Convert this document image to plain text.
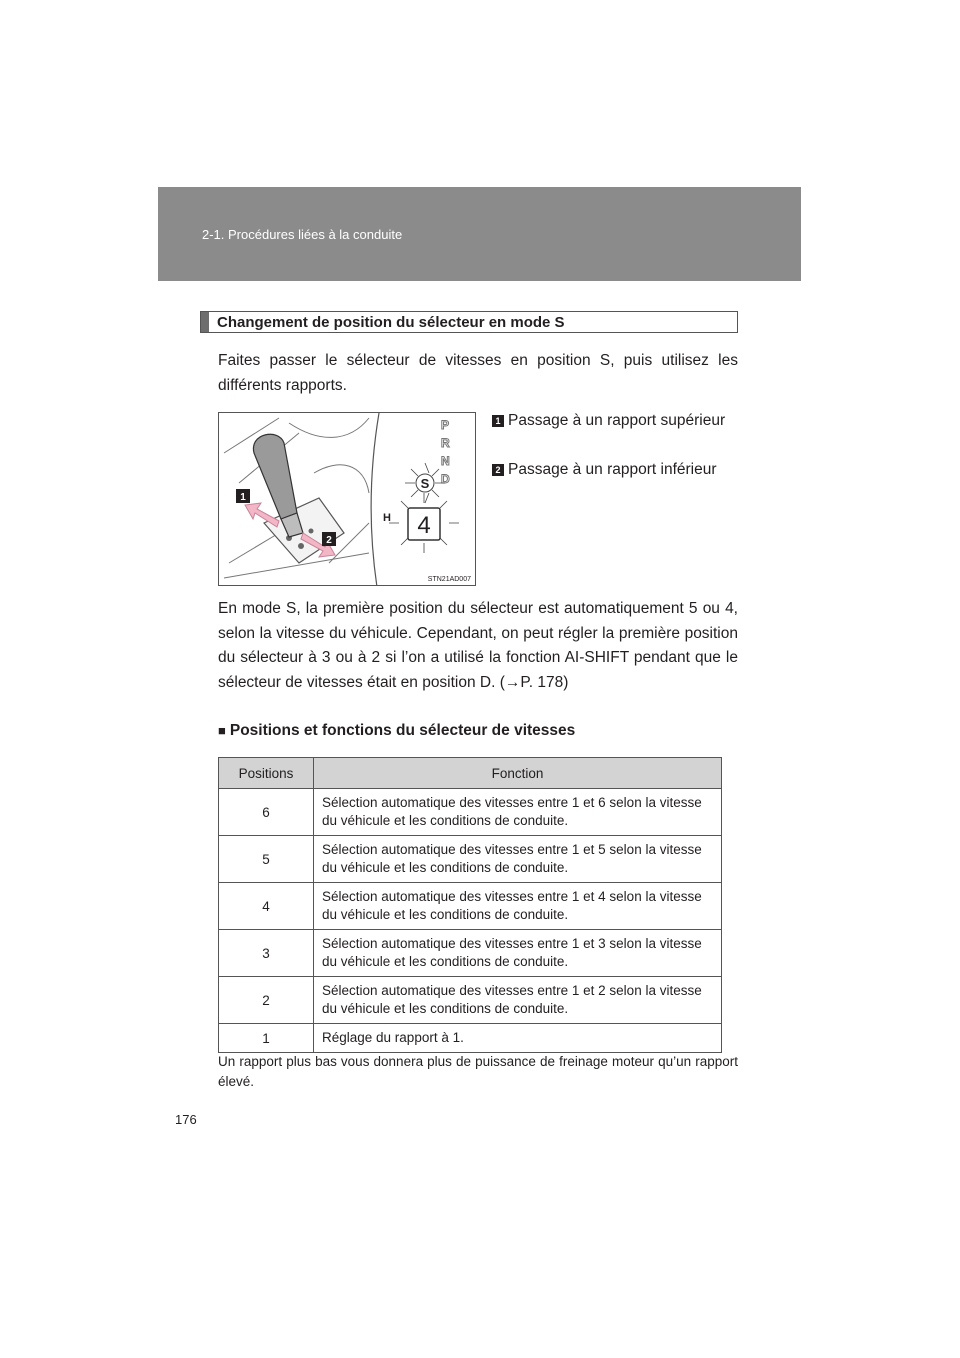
2-1. Procédures liées à la conduite
Changement de position du sélecteur en mode S
Faites passer le sélecteur de vitesses en position S, puis utilisez les différents rapports.
1
2
P
R
N
D
S
4
H
STN21AD007
1 Passage à un rapport supérieur
2 Passage à un rapport inférieur
En mode S, la première position du sélecteur est automatiquement 5 ou 4, selon la vitesse du véhicule. Cependant, on peut régler la première position du sélecteur à 3 ou à 2 si l’on a utilisé la fonction AI-SHIFT pendant que le sélecteur de vitesses était en position D. (→P. 178)
■ Positions et fonctions du sélecteur de vitesses
Positions	Fonction
6	Sélection automatique des vitesses entre 1 et 6 selon la vitesse du véhicule et les conditions de conduite.
5	Sélection automatique des vitesses entre 1 et 5 selon la vitesse du véhicule et les conditions de conduite.
4	Sélection automatique des vitesses entre 1 et 4 selon la vitesse du véhicule et les conditions de conduite.
3	Sélection automatique des vitesses entre 1 et 3 selon la vitesse du véhicule et les conditions de conduite.
2	Sélection automatique des vitesses entre 1 et 2 selon la vitesse du véhicule et les conditions de conduite.
1	Réglage du rapport à 1.
Un rapport plus bas vous donnera plus de puissance de freinage moteur qu’un rapport élevé.
176
